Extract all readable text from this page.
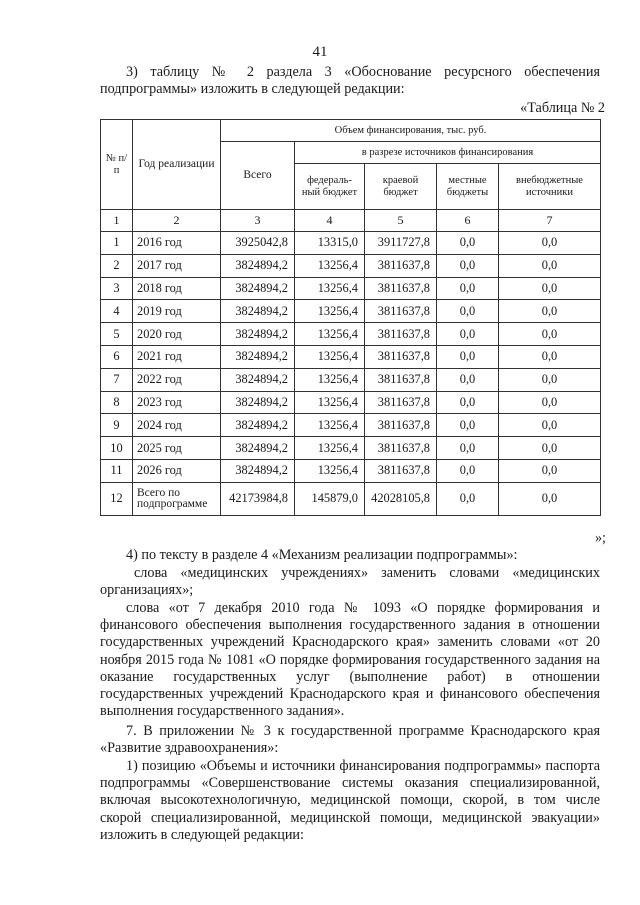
41
3) таблицу № 2 раздела 3 «Обоснование ресурсного обеспечения подпрограммы» изложить в следующей редакции:
«Таблица № 2
№ п/п	Год реализации	Объем финансирования, тыс. руб.				
		Всего	в разрезе источников финансирования			
			федераль-ный бюджет	краевой бюджет	местные бюджеты	внебюджетные источники
1	2	3	4	5	6	7
1	2016 год	3925042,8	13315,0	3911727,8	0,0	0,0
2	2017 год	3824894,2	13256,4	3811637,8	0,0	0,0
3	2018 год	3824894,2	13256,4	3811637,8	0,0	0,0
4	2019 год	3824894,2	13256,4	3811637,8	0,0	0,0
5	2020 год	3824894,2	13256,4	3811637,8	0,0	0,0
6	2021 год	3824894,2	13256,4	3811637,8	0,0	0,0
7	2022 год	3824894,2	13256,4	3811637,8	0,0	0,0
8	2023 год	3824894,2	13256,4	3811637,8	0,0	0,0
9	2024 год	3824894,2	13256,4	3811637,8	0,0	0,0
10	2025 год	3824894,2	13256,4	3811637,8	0,0	0,0
11	2026 год	3824894,2	13256,4	3811637,8	0,0	0,0
12	Всего по подпрограмме	42173984,8	145879,0	42028105,8	0,0	0,0
»;
4) по тексту в разделе 4 «Механизм реализации подпрограммы»:
слова «медицинских учреждениях» заменить словами «медицинских организациях»;
слова «от 7 декабря 2010 года № 1093 «О порядке формирования и финансового обеспечения выполнения государственного задания в отношении государственных учреждений Краснодарского края» заменить словами «от 20 ноября 2015 года № 1081 «О порядке формирования государственного задания на оказание государственных услуг (выполнение работ) в отношении государственных учреждений Краснодарского края и финансового обеспечения выполнения государственного задания».
7. В приложении № 3 к государственной программе Краснодарского края «Развитие здравоохранения»:
1) позицию «Объемы и источники финансирования подпрограммы» паспорта подпрограммы «Совершенствование системы оказания специализированной, включая высокотехнологичную, медицинской помощи, скорой, в том числе скорой специализированной, медицинской помощи, медицинской эвакуации» изложить в следующей редакции:
